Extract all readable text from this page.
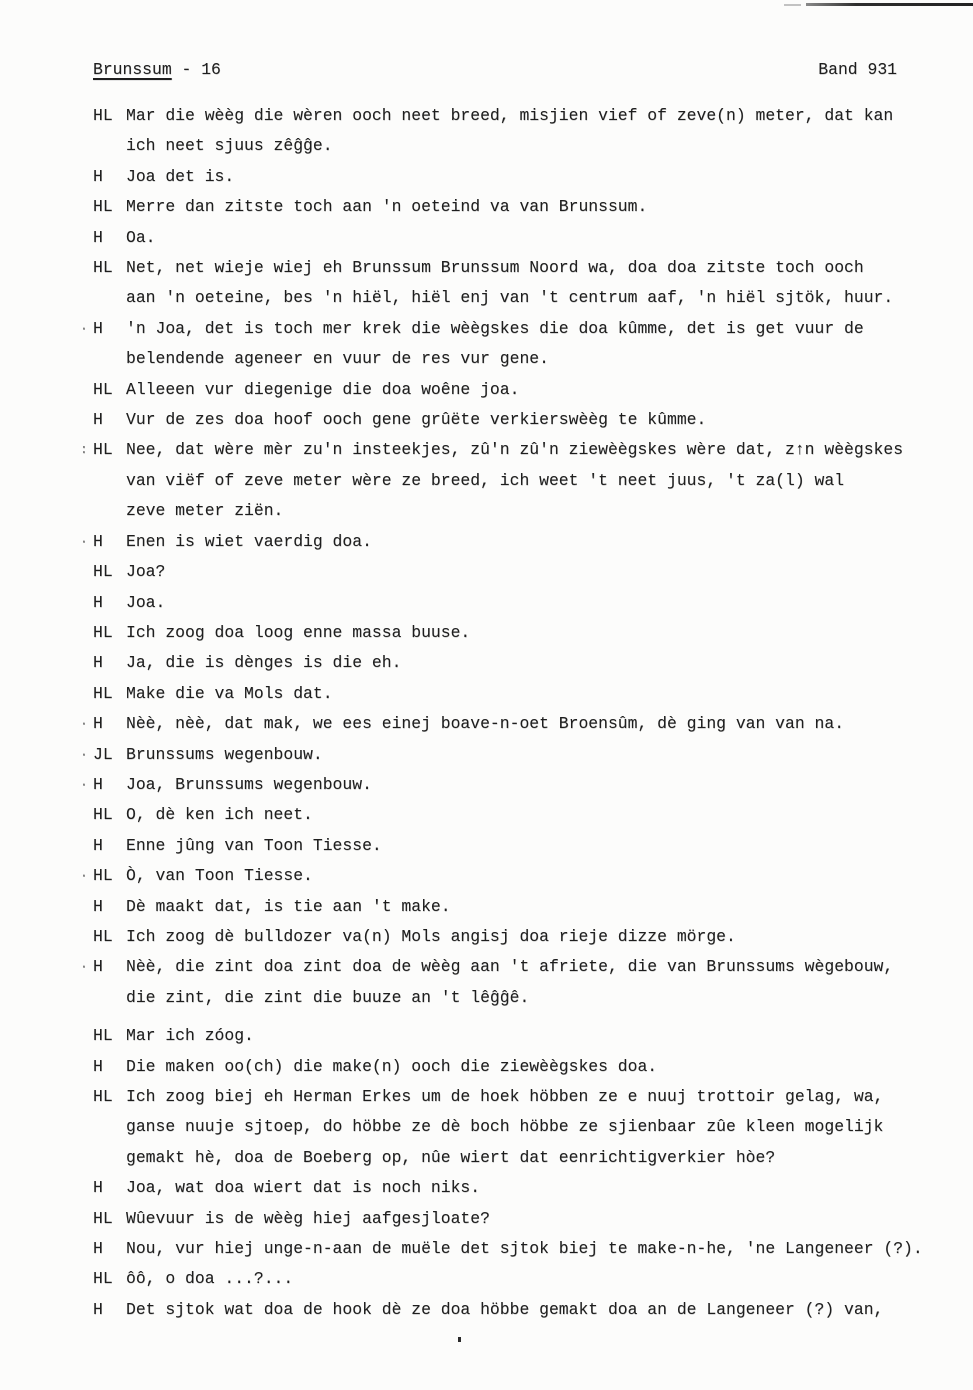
Brunssum - 16	Band 931
HL Mar die wèèg die wèren ooch neet breed, misjien vief of zeve(n) meter, dat kan
ich neet sjuus zêĝĝe.
H	Joa det is.
HL Merre dan zitste toch aan 'n oeteind va van Brunssum.
H	Oa.
HL Net, net wieje wiej eh Brunssum Brunssum Noord wa, doa doa zitste toch ooch
aan 'n oeteine, bes 'n hiël, hiël enj van 't centrum aaf, 'n hiël sjtök, huur.
· H	'n Joa, det is toch mer krek die wèègskes die doa kûmme, det is get vuur de
belendende ageneer en vuur de res vur gene.
HL Alleeen vur diegenige die doa woêne joa.
H	Vur de zes doa hoof ooch gene grûëte verkierswèèg te kûmme.
: HL Nee, dat wère mèr zu'n insteekjes, zû'n zû'n ziewèègskes wère dat, z↑n wèègskes
van viëf of zeve meter wère ze breed, ich weet 't neet juus, 't za(l) wal
zeve meter ziën.
· H	Enen is wiet vaerdig doa.
HL Joa?
H	Joa.
HL Ich zoog doa loog enne massa buuse.
H	Ja, die is dènges is die eh.
HL Make die va Mols dat.
· H	Nèè, nèè, dat mak, we ees einej boave-n-oet Broensûm, dè ging van van na.
· JL Brunssums wegenbouw.
· H	Joa, Brunssums wegenbouw.
HL O, dè ken ich neet.
H	Enne jûng van Toon Tiesse.
· HL Ò, van Toon Tiesse.
H	Dè maakt dat, is tie aan 't make.
HL Ich zoog dè bulldozer va(n) Mols angisj doa rieje dizze mörge.
· H	Nèè, die zint doa zint doa de wèèg aan 't afriete, die van Brunssums wègebouw,
die zint, die zint die buuze an 't lêĝĝê.
HL Mar ich zóog.
H	Die maken oo(ch) die make(n) ooch die ziewèègskes doa.
HL Ich zoog biej eh Herman Erkes um de hoek höbben ze e nuuj trottoir gelag, wa,
ganse nuuje sjtoep, do höbbe ze dè boch höbbe ze sjienbaar zûe kleen mogelijk
gemakt hè, doa de Boeberg op, nûe wiert dat eenrichtigverkier hòe?
H	Joa, wat doa wiert dat is noch niks.
HL Wûevuur is de wèèg hiej aafgesjloate?
H	Nou, vur hiej unge-n-aan de muële det sjtok biej te make-n-he, 'ne Langeneer (?).
HL ôô, o doa ...?...
H	Det sjtok wat doa de hook dè ze doa höbbe gemakt doa an de Langeneer (?) van,
